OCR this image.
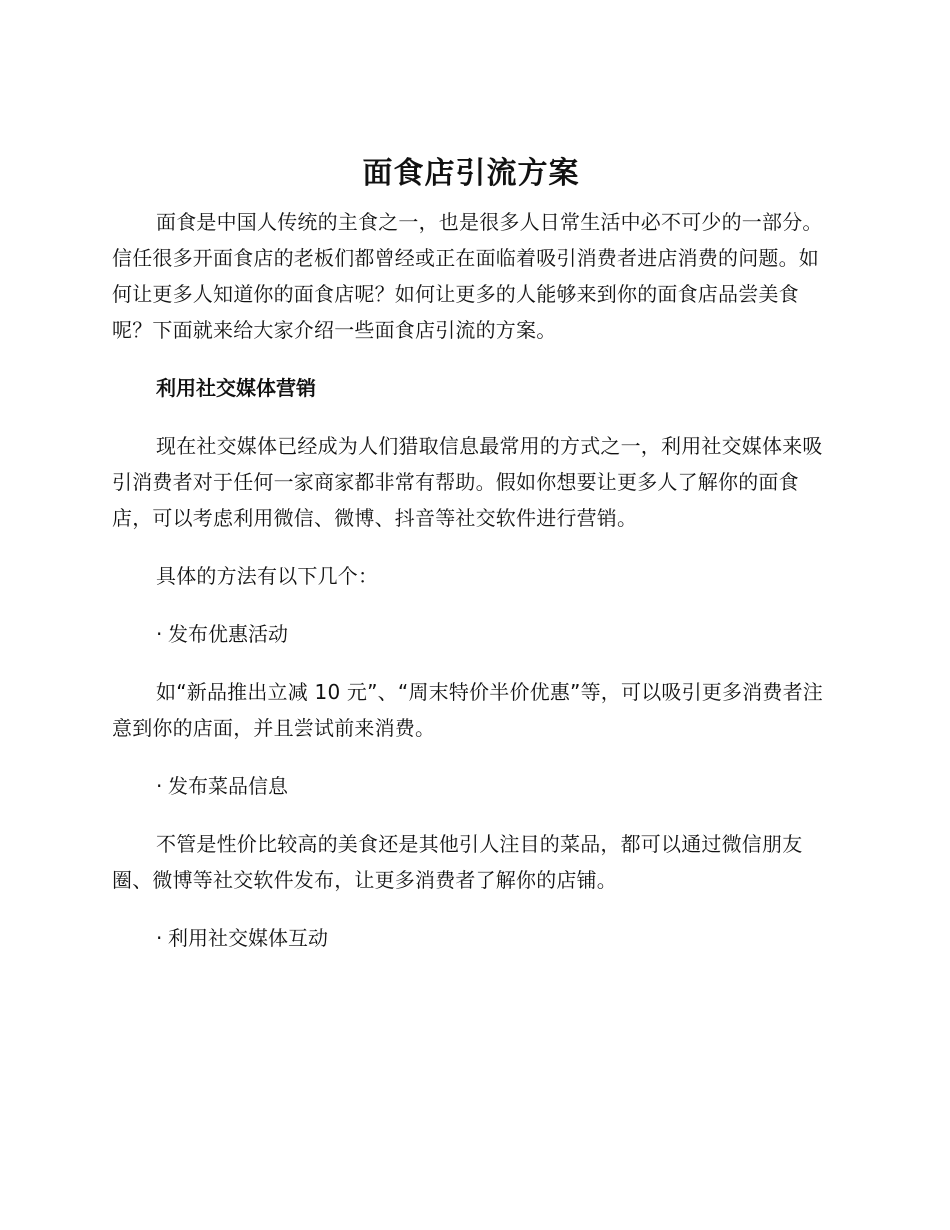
面食店引流方案

面食是中国人传统的主食之一，也是很多人日常生活中必不可少的一部分。信任很多开面食店的老板们都曾经或正在面临着吸引消费者进店消费的问题。如何让更多人知道你的面食店呢？如何让更多的人能够来到你的面食店品尝美食呢？下面就来给大家介绍一些面食店引流的方案。

利用社交媒体营销

现在社交媒体已经成为人们猎取信息最常用的方式之一，利用社交媒体来吸引消费者对于任何一家商家都非常有帮助。假如你想要让更多人了解你的面食店，可以考虑利用微信、微博、抖音等社交软件进行营销。

具体的方法有以下几个：

· 发布优惠活动

如“新品推出立减 10 元”、“周末特价半价优惠”等，可以吸引更多消费者注意到你的店面，并且尝试前来消费。

· 发布菜品信息

不管是性价比较高的美食还是其他引人注目的菜品，都可以通过微信朋友圈、微博等社交软件发布，让更多消费者了解你的店铺。

· 利用社交媒体互动
